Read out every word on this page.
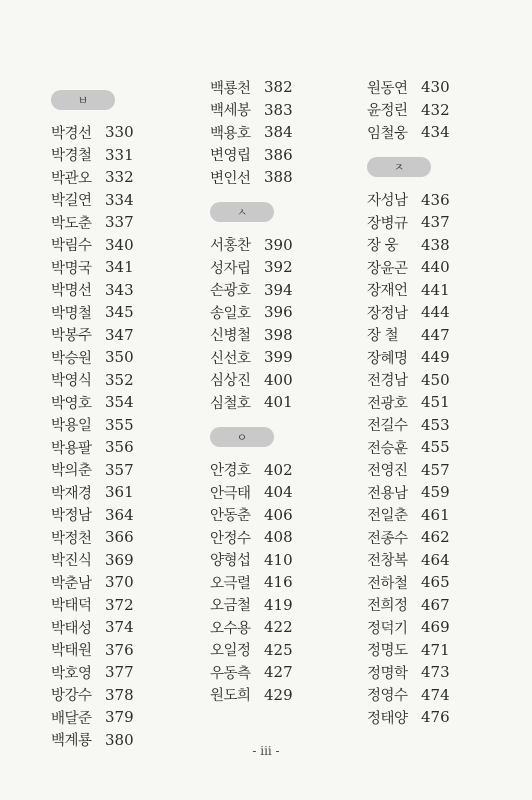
ㅂ
박경선 330
박경철 331
박관오 332
박길연 334
박도춘 337
박림수 340
박명국 341
박명선 343
박명철 345
박봉주 347
박승원 350
박영식 352
박영호 354
박용일 355
박용팔 356
박의춘 357
박재경 361
박정남 364
박정천 366
박진식 369
박춘남 370
박태덕 372
박태성 374
박태원 376
박호영 377
방강수 378
배달준 379
백계룡 380
백룡천 382
백세봉 383
백용호 384
변영립 386
변인선 388
ㅅ
서홍찬 390
성자립 392
손광호 394
송일호 396
신병철 398
신선호 399
심상진 400
심철호 401
ㅇ
안경호 402
안극태 404
안동춘 406
안정수 408
양형섭 410
오극렬 416
오금철 419
오수용 422
오일정 425
우동측 427
원도희 429
원동연 430
윤정린 432
임철웅 434
ㅈ
자성남 436
장병규 437
장 웅	438
장윤곤 440
장재언 441
장정남 444
장 철	447
장혜명 449
전경남 450
전광호 451
전길수 453
전승훈 455
전영진 457
전용남 459
전일춘 461
전종수 462
전창복 464
전하철 465
전희정 467
정덕기 469
정명도 471
정명학 473
정영수 474
정태양 476
- iii -
